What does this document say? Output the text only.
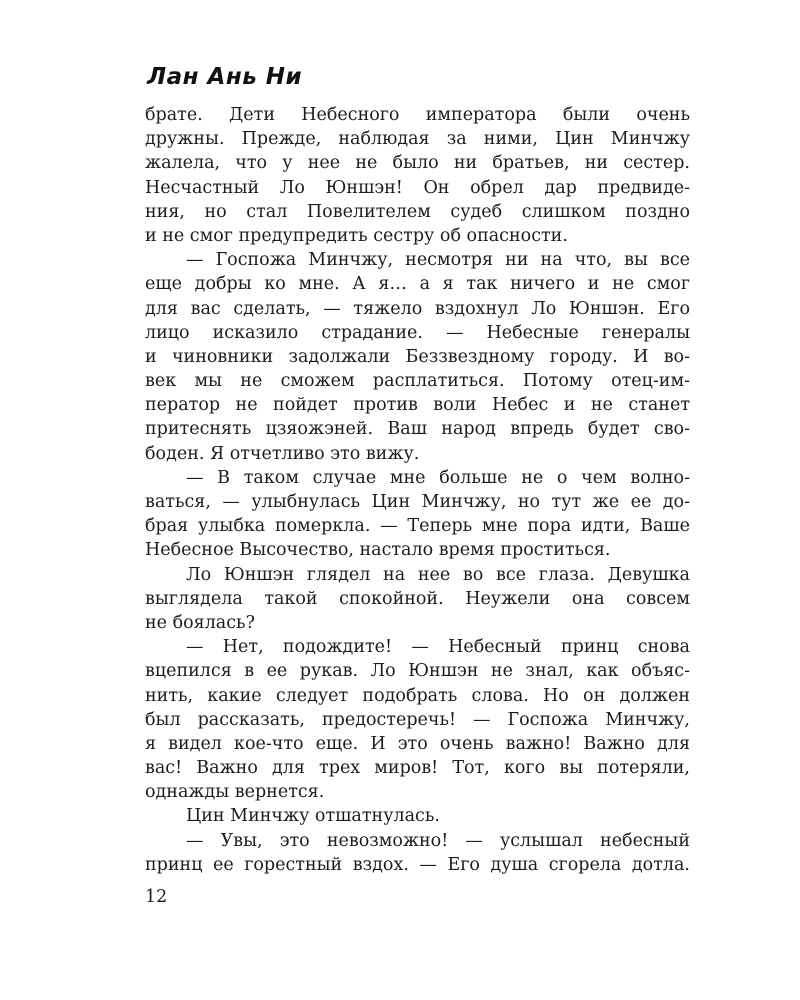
Лан Ань Ни
брате. Дети Небесного императора были очень
дружны. Прежде, наблюдая за ними, Цин Минчжу
жалела, что у нее не было ни братьев, ни сестер.
Несчастный Ло Юншэн! Он обрел дар предвиде-
ния, но стал Повелителем судеб слишком поздно
и не смог предупредить сестру об опасности.
— Госпожа Минчжу, несмотря ни на что, вы все
еще добры ко мне. А я… а я так ничего и не смог
для вас сделать, — тяжело вздохнул Ло Юншэн. Его
лицо исказило страдание. — Небесные генералы
и чиновники задолжали Беззвездному городу. И во-
век мы не сможем расплатиться. Потому отец-им-
ператор не пойдет против воли Небес и не станет
притеснять цзяожэней. Ваш народ впредь будет сво-
боден. Я отчетливо это вижу.
— В таком случае мне больше не о чем волно-
ваться, — улыбнулась Цин Минчжу, но тут же ее до-
брая улыбка померкла. — Теперь мне пора идти, Ваше
Небесное Высочество, настало время проститься.
Ло Юншэн глядел на нее во все глаза. Девушка
выглядела такой спокойной. Неужели она совсем
не боялась?
— Нет, подождите! — Небесный принц снова
вцепился в ее рукав. Ло Юншэн не знал, как объяс-
нить, какие следует подобрать слова. Но он должен
был рассказать, предостеречь! — Госпожа Минчжу,
я видел кое-что еще. И это очень важно! Важно для
вас! Важно для трех миров! Тот, кого вы потеряли,
однажды вернется.
Цин Минчжу отшатнулась.
— Увы, это невозможно! — услышал небесный
принц ее горестный вздох. — Его душа сгорела дотла.
12
